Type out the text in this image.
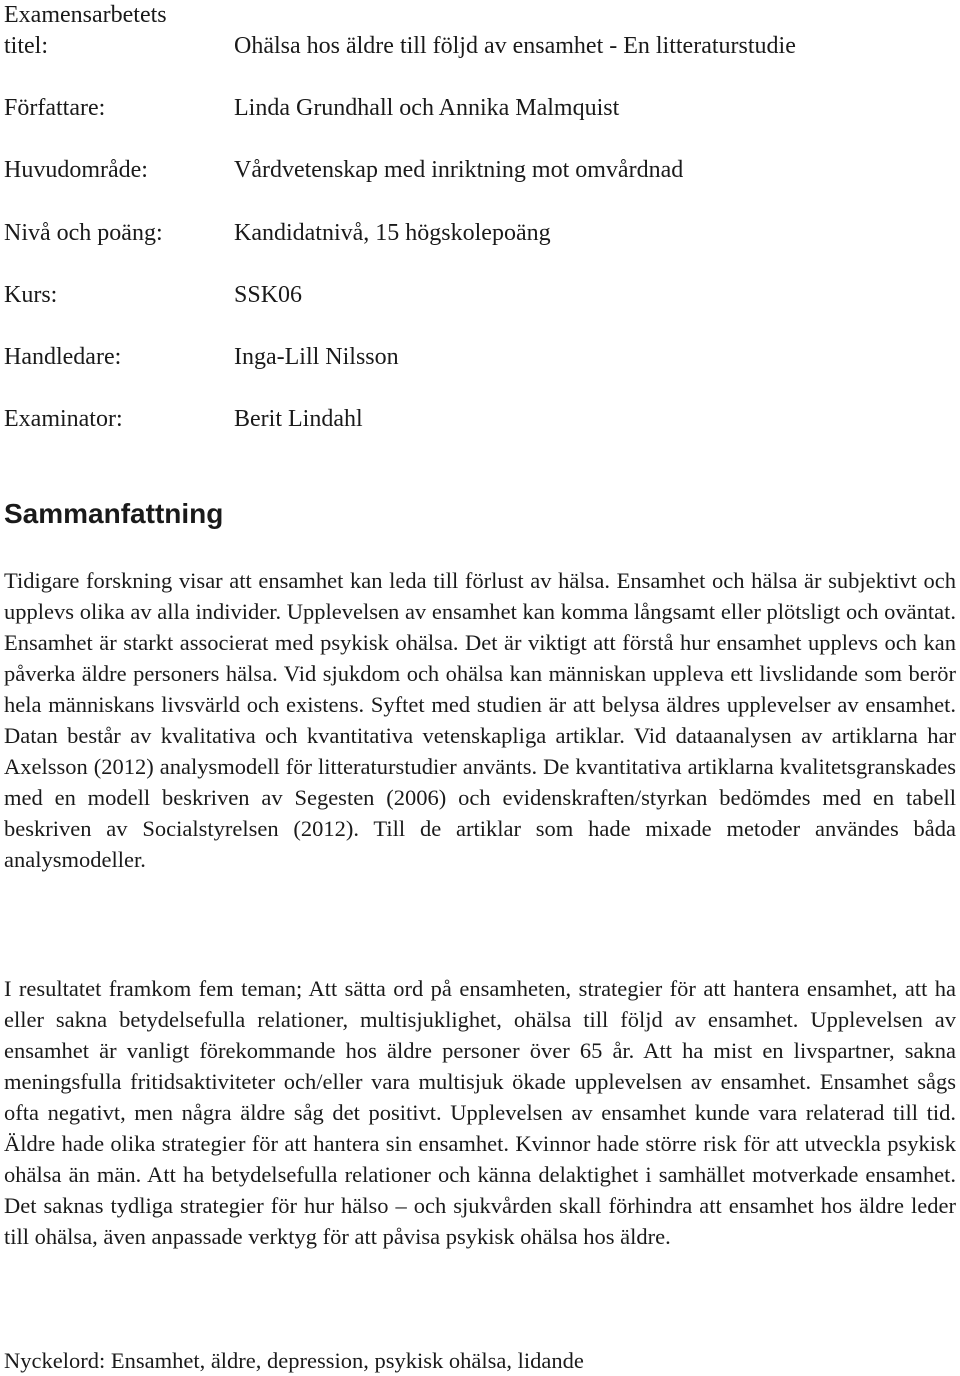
Examensarbetets
titel:	Ohälsa hos äldre till följd av ensamhet - En litteraturstudie
Författare:	Linda Grundhall och Annika Malmquist
Huvudområde:	Vårdvetenskap med inriktning mot omvårdnad
Nivå och poäng:	Kandidatnivå, 15 högskolepoäng
Kurs:	SSK06
Handledare:	Inga-Lill Nilsson
Examinator:	Berit Lindahl
Sammanfattning

Tidigare forskning visar att ensamhet kan leda till förlust av hälsa. Ensamhet och hälsa är subjektivt och upplevs olika av alla individer. Upplevelsen av ensamhet kan komma långsamt eller plötsligt och oväntat. Ensamhet är starkt associerat med psykisk ohälsa. Det är viktigt att förstå hur ensamhet upplevs och kan påverka äldre personers hälsa. Vid sjukdom och ohälsa kan människan uppleva ett livslidande som berör hela människans livsvärld och existens. Syftet med studien är att belysa äldres upplevelser av ensamhet. Datan består av kvalitativa och kvantitativa vetenskapliga artiklar. Vid dataanalysen av artiklarna har Axelsson (2012) analysmodell för litteraturstudier använts. De kvantitativa artiklarna kvalitetsgranskades med en modell beskriven av Segesten (2006) och evidenskraften/styrkan bedömdes med en tabell beskriven av Socialstyrelsen (2012). Till de artiklar som hade mixade metoder användes båda analysmodeller.

I resultatet framkom fem teman; Att sätta ord på ensamheten, strategier för att hantera ensamhet, att ha eller sakna betydelsefulla relationer, multisjuklighet, ohälsa till följd av ensamhet. Upplevelsen av ensamhet är vanligt förekommande hos äldre personer över 65 år. Att ha mist en livspartner, sakna meningsfulla fritidsaktiviteter och/eller vara multisjuk ökade upplevelsen av ensamhet. Ensamhet sågs ofta negativt, men några äldre såg det positivt. Upplevelsen av ensamhet kunde vara relaterad till tid. Äldre hade olika strategier för att hantera sin ensamhet. Kvinnor hade större risk för att utveckla psykisk ohälsa än män. Att ha betydelsefulla relationer och känna delaktighet i samhället motverkade ensamhet. Det saknas tydliga strategier för hur hälso – och sjukvården skall förhindra att ensamhet hos äldre leder till ohälsa, även anpassade verktyg för att påvisa psykisk ohälsa hos äldre.

Nyckelord: Ensamhet, äldre, depression, psykisk ohälsa, lidande
